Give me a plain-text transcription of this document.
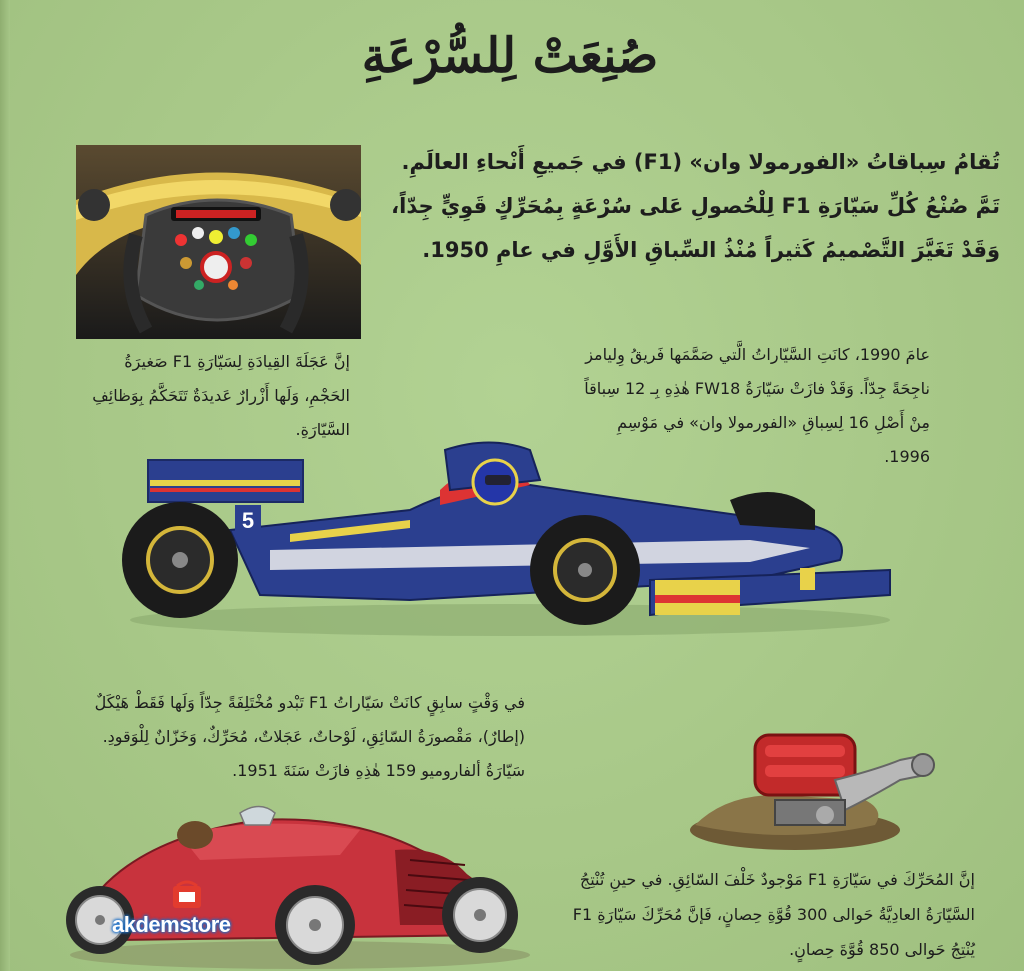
صُنِعَتْ لِلسُّرْعَةِ
تُقامُ سِباقاتُ «الفورمولا وان» (F1) في جَميعِ أَنْحاءِ العالَمِ. تَمَّ صُنْعُ كُلِّ سَيّارَةِ F1 لِلْحُصولِ عَلى سُرْعَةٍ بِمُحَرِّكٍ قَوِيٍّ جِدّاً، وَقَدْ تَغَيَّرَ التَّصْميمُ كَثيراً مُنْذُ السِّباقِ الأَوَّلِ في عامِ 1950.
إنَّ عَجَلَةَ القِيادَةِ لِسَيّارَةِ F1 صَغيرَةُ الحَجْمِ، وَلَها أَزْرارٌ عَديدَةٌ تَتَحَكَّمُ بِوَظائِفِ السَّيّارَةِ.
عامَ 1990، كانَتِ السَّيّاراتُ الَّتي صَمَّمَها فَريقُ وِليامز ناجِحَةً جِدّاً. وَقَدْ فازَتْ سَيّارَةُ FW18 هٰذِهِ بِـ 12 سِباقاً مِنْ أَصْلِ 16 لِسِباقِ «الفورمولا وان» في مَوْسِمِ 1996.
5
في وَقْتٍ سابِقٍ كانَتْ سَيّاراتُ F1 تَبْدو مُخْتَلِفَةً جِدّاً وَلَها فَقَطْ هَيْكَلٌ (إطارٌ)، مَقْصورَةُ السّائِقِ، لَوْحاتٌ، عَجَلاتٌ، مُحَرِّكٌ، وَخَزّانٌ لِلْوَقودِ. سَيّارَةُ ألفاروميو 159 هٰذِهِ فازَتْ سَنَةَ 1951.
إنَّ المُحَرِّكَ في سَيّارَةِ F1 مَوْجودٌ خَلْفَ السّائِقِ. في حينِ تُنْتِجُ السَّيّارَةُ العادِيَّةُ حَوالى 300 قُوَّةِ حِصانٍ، فَإنَّ مُحَرِّكَ سَيّارَةِ F1 يُنْتِجُ حَوالى 850 قُوَّةَ حِصانٍ.
akdemstore
